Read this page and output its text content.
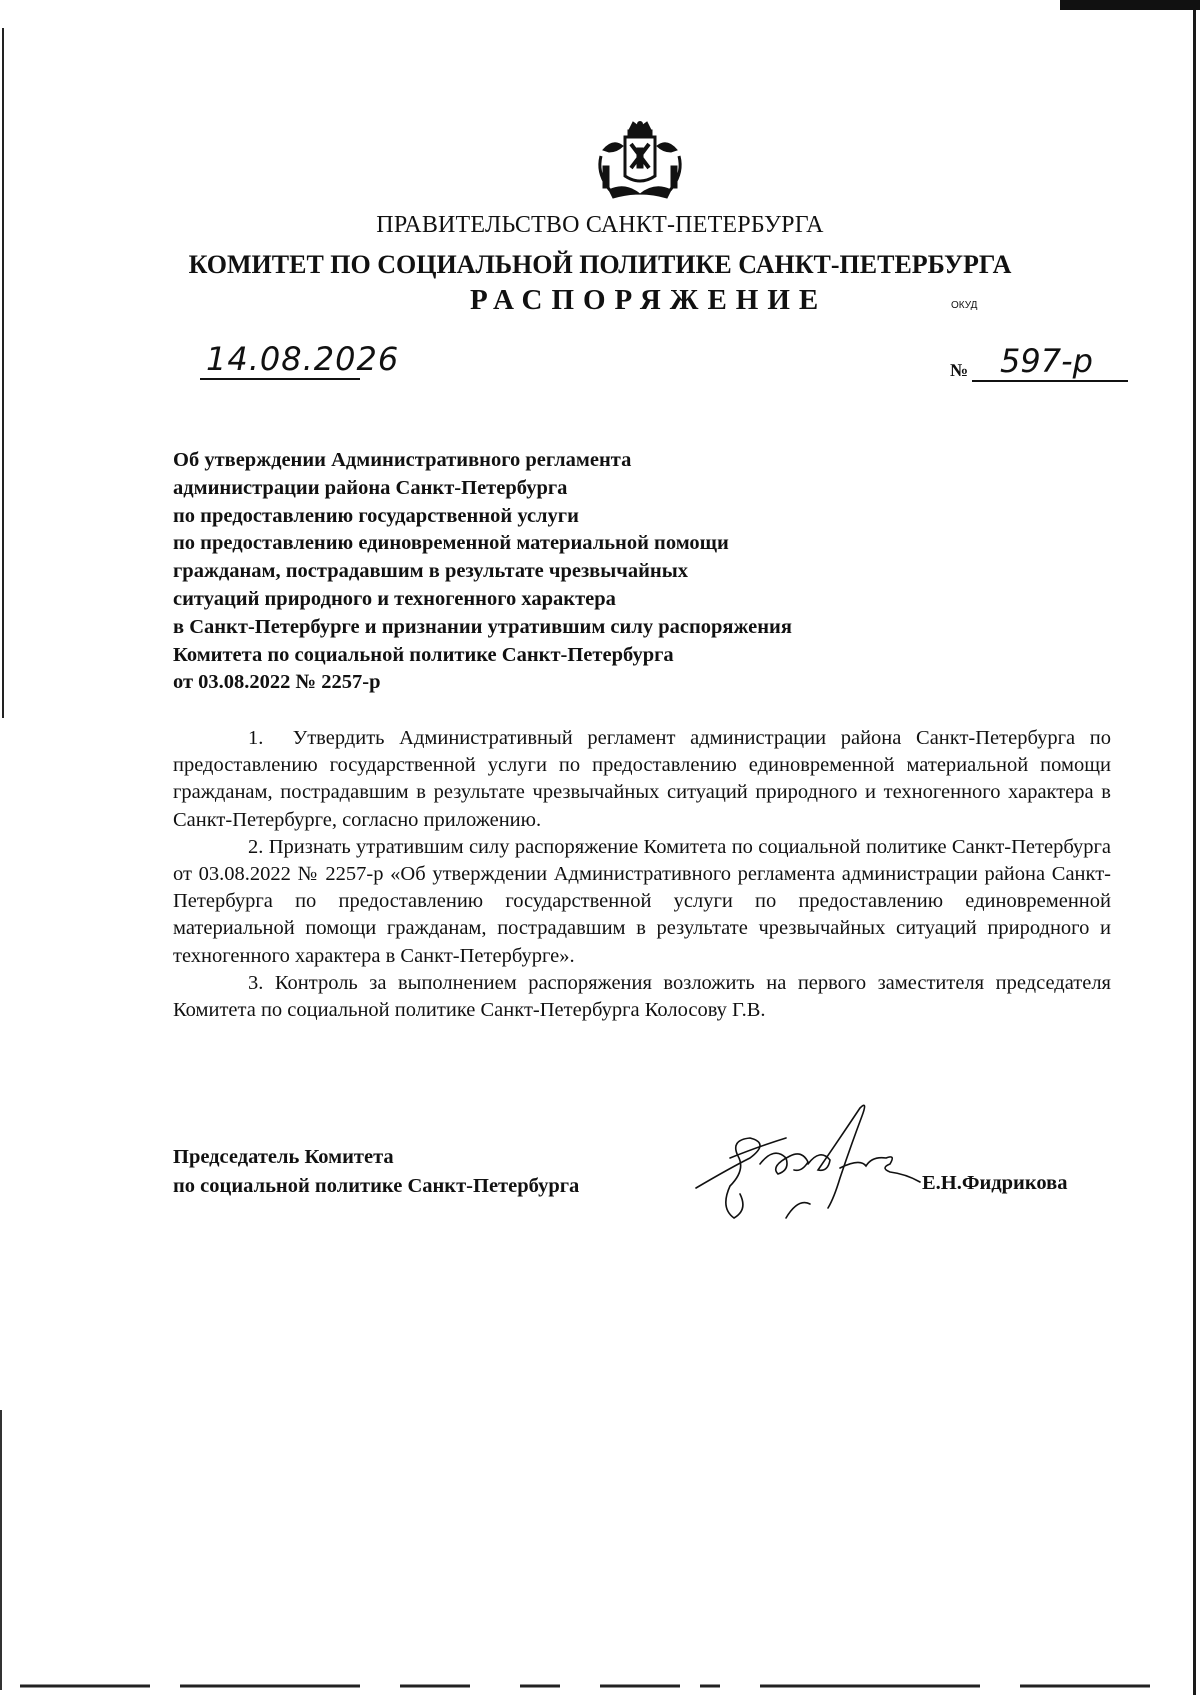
ПРАВИТЕЛЬСТВО САНКТ-ПЕТЕРБУРГА
КОМИТЕТ ПО СОЦИАЛЬНОЙ ПОЛИТИКЕ САНКТ-ПЕТЕРБУРГА
РАСПОРЯЖЕНИЕ	ОКУД
14.08.2026	№ 597-р
Об утверждении Административного регламента
администрации района Санкт-Петербурга
по предоставлению государственной услуги
по предоставлению единовременной материальной помощи
гражданам, пострадавшим в результате чрезвычайных
ситуаций природного и техногенного характера
в Санкт-Петербурге и признании утратившим силу распоряжения
Комитета по социальной политике Санкт-Петербурга
от 03.08.2022 № 2257-р

1.  Утвердить Административный регламент администрации района Санкт-Петербурга по предоставлению государственной услуги по предоставлению единовременной материальной помощи гражданам, пострадавшим в результате чрезвычайных ситуаций природного и техногенного характера в Санкт-Петербурге, согласно приложению.

2. Признать утратившим силу распоряжение Комитета по социальной политике Санкт-Петербурга от 03.08.2022 № 2257-р «Об утверждении Административного регламента администрации района Санкт-Петербурга по предоставлению государственной услуги по предоставлению единовременной материальной помощи гражданам, пострадавшим в результате чрезвычайных ситуаций природного и техногенного характера в Санкт-Петербурге».

3. Контроль за выполнением распоряжения возложить на первого заместителя председателя Комитета по социальной политике Санкт-Петербурга Колосову Г.В.

Председатель Комитета
по социальной политике Санкт-Петербурга	Е.Н.Фидрикова
